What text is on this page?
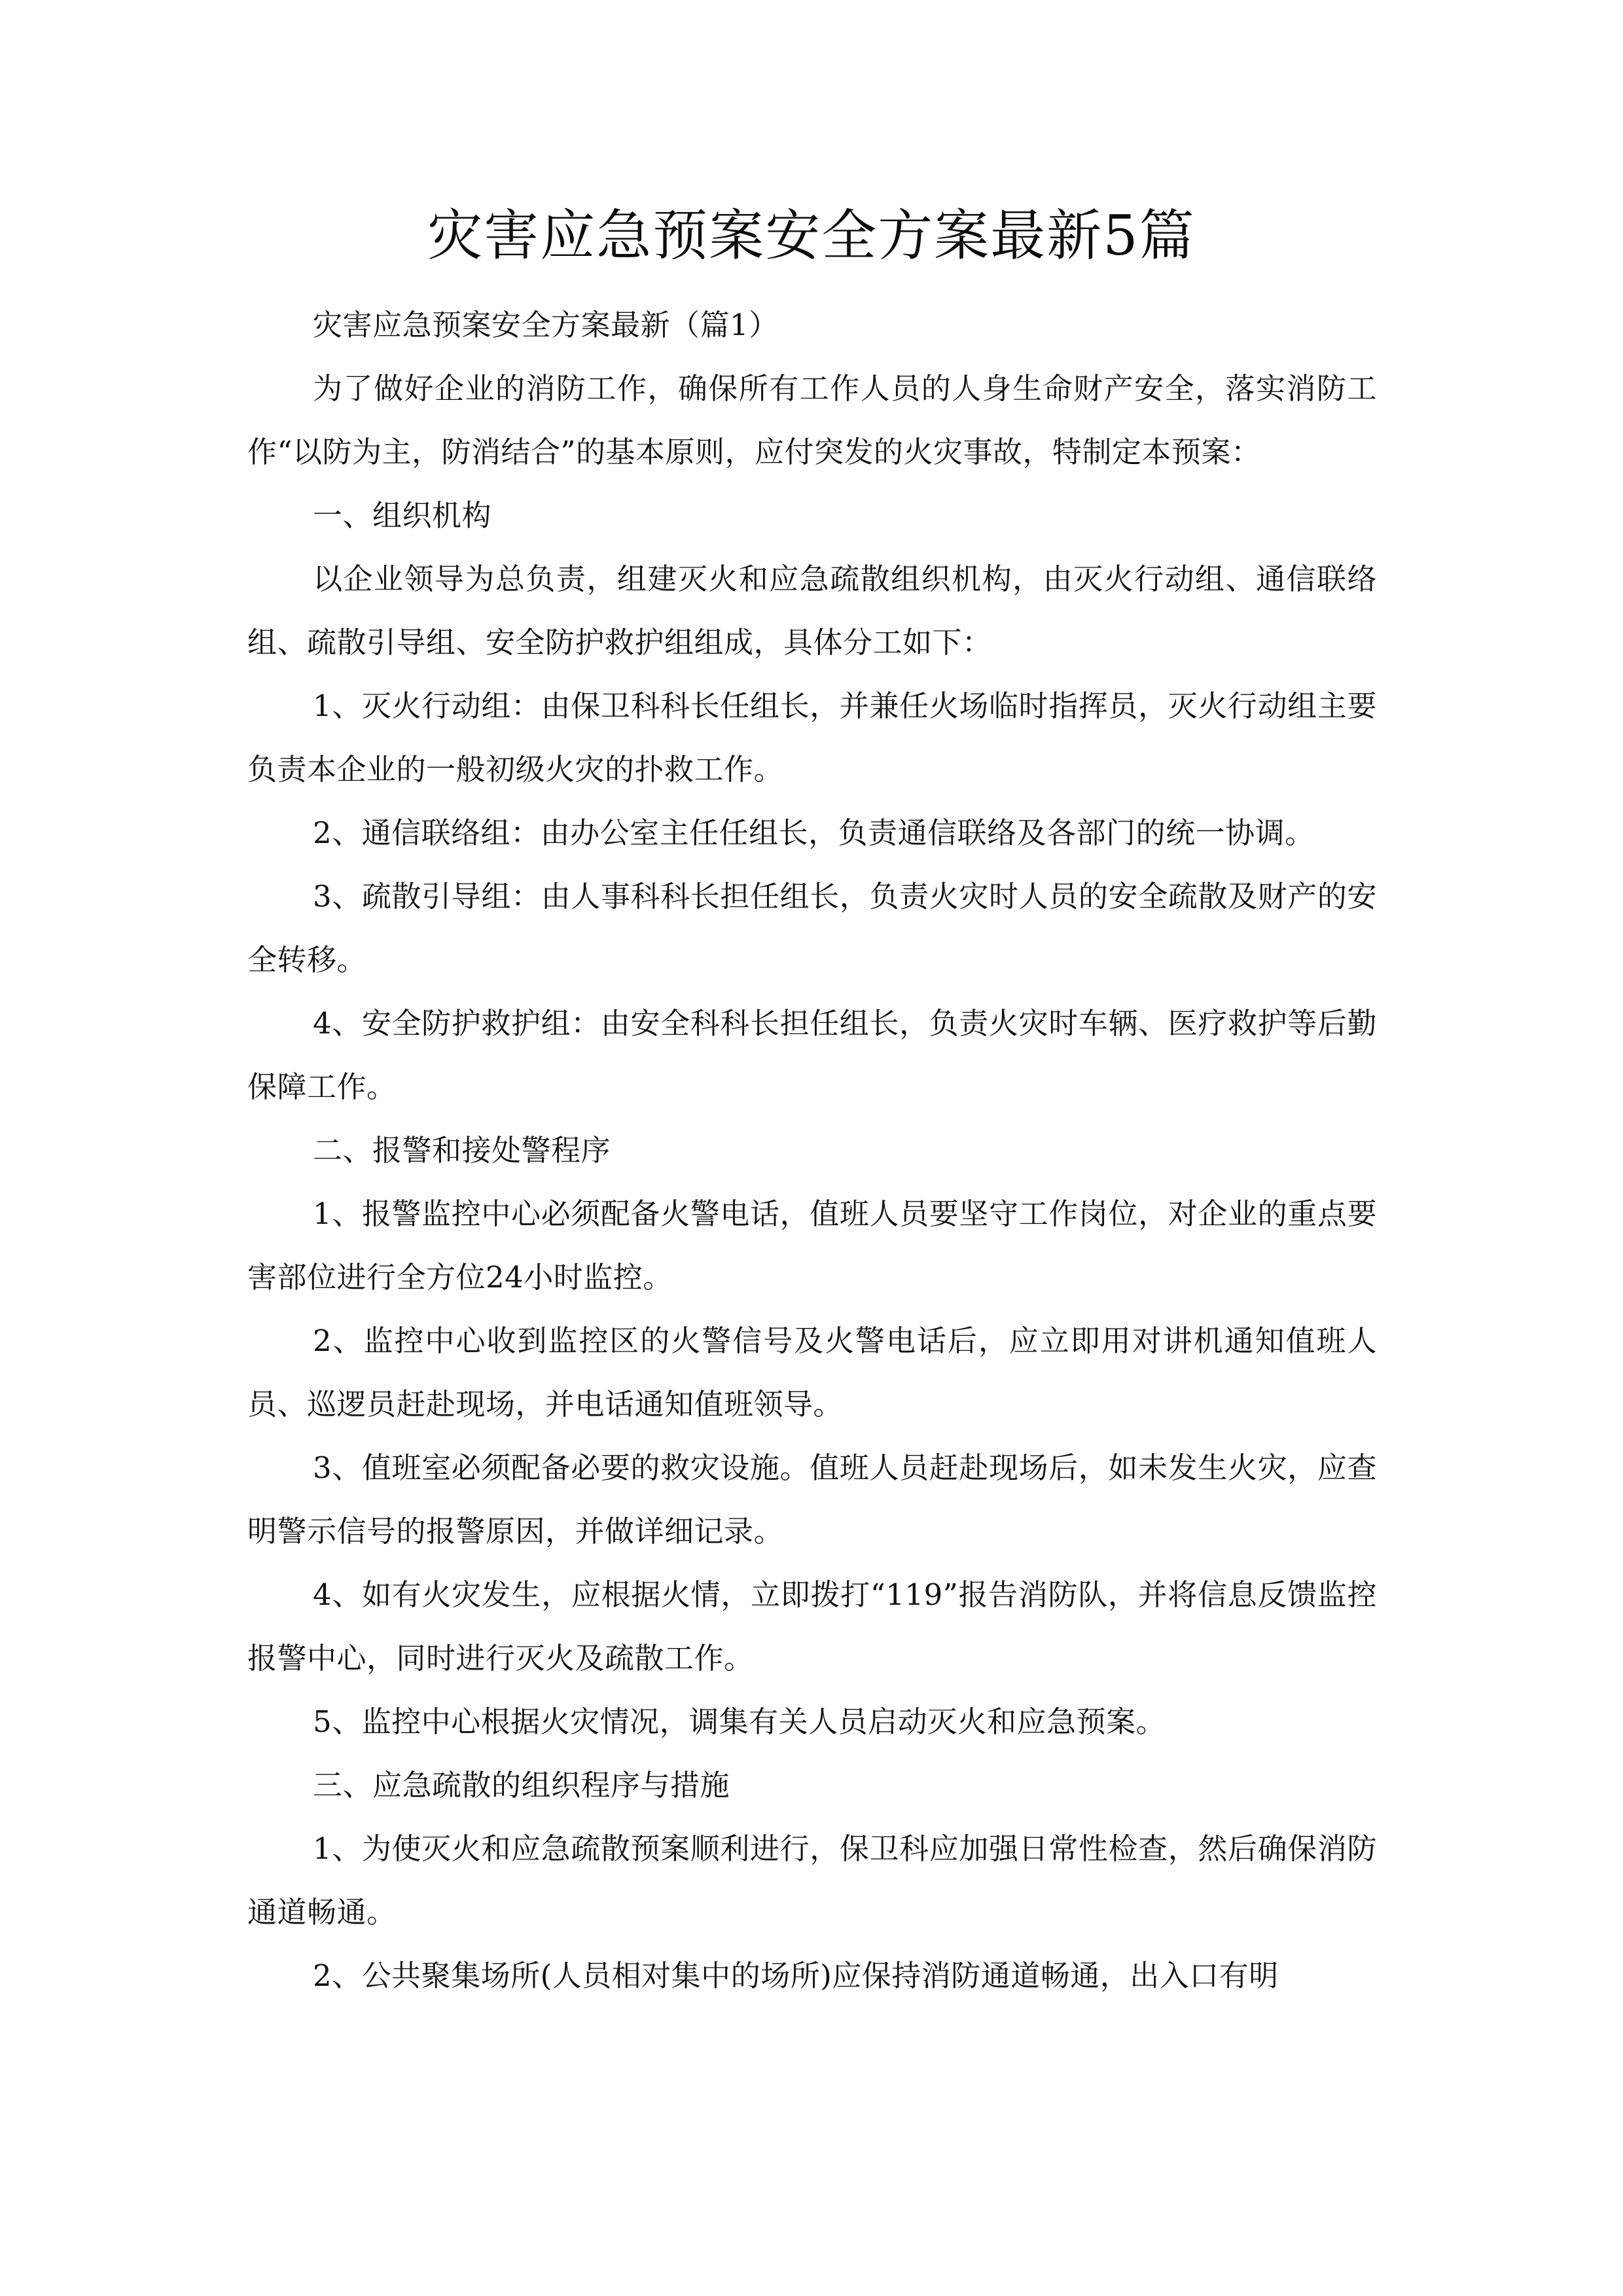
灾害应急预案安全方案最新5篇

灾害应急预案安全方案最新（篇1）

为了做好企业的消防工作，确保所有工作人员的人身生命财产安全，落实消防工作“以防为主，防消结合”的基本原则，应付突发的火灾事故，特制定本预案：

一、组织机构

以企业领导为总负责，组建灭火和应急疏散组织机构，由灭火行动组、通信联络组、疏散引导组、安全防护救护组组成，具体分工如下：

1、灭火行动组：由保卫科科长任组长，并兼任火场临时指挥员，灭火行动组主要负责本企业的一般初级火灾的扑救工作。

2、通信联络组：由办公室主任任组长，负责通信联络及各部门的统一协调。

3、疏散引导组：由人事科科长担任组长，负责火灾时人员的安全疏散及财产的安全转移。

4、安全防护救护组：由安全科科长担任组长，负责火灾时车辆、医疗救护等后勤保障工作。

二、报警和接处警程序

1、报警监控中心必须配备火警电话，值班人员要坚守工作岗位，对企业的重点要害部位进行全方位24小时监控。

2、监控中心收到监控区的火警信号及火警电话后，应立即用对讲机通知值班人员、巡逻员赶赴现场，并电话通知值班领导。

3、值班室必须配备必要的救灾设施。值班人员赶赴现场后，如未发生火灾，应查明警示信号的报警原因，并做详细记录。

4、如有火灾发生，应根据火情，立即拨打“119”报告消防队，并将信息反馈监控报警中心，同时进行灭火及疏散工作。

5、监控中心根据火灾情况，调集有关人员启动灭火和应急预案。

三、应急疏散的组织程序与措施

1、为使灭火和应急疏散预案顺利进行，保卫科应加强日常性检查，然后确保消防通道畅通。

2、公共聚集场所(人员相对集中的场所)应保持消防通道畅通，出入口有明
